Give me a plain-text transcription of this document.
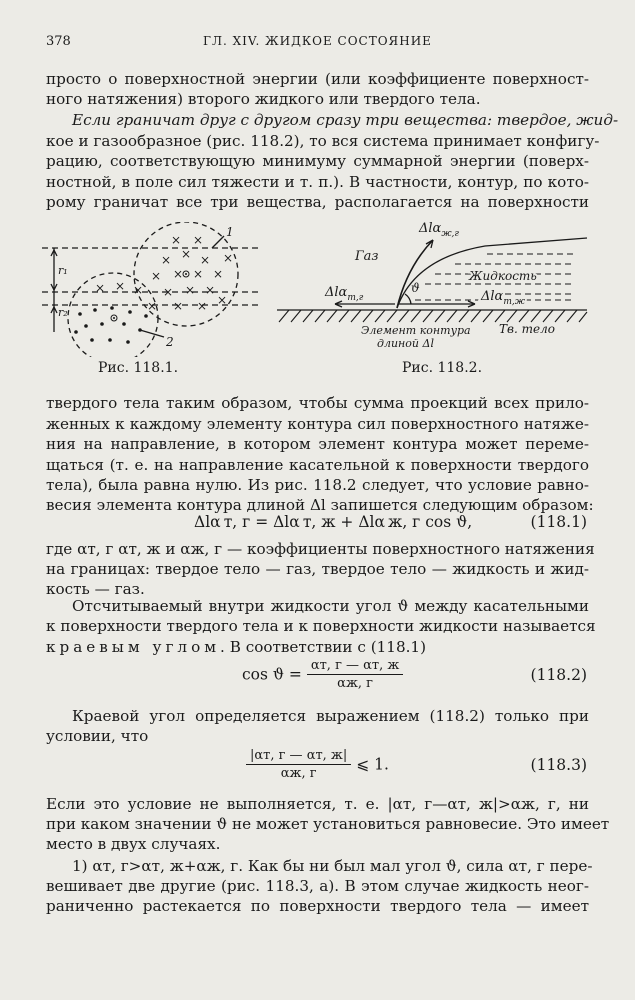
378	ГЛ. XIV. ЖИДКОЕ СОСТОЯНИЕ
просто о поверхностной энергии (или коэффициенте поверхност-
ного натяжения) второго жидкого или твердого тела.
Если граничат друг с другом сразу три вещества: твердое, жид-
кое и газообразное (рис. 118.2), то вся система принимает конфигу-
рацию, соответствующую минимуму суммарной энергии (поверх-
ностной, в поле сил тяжести и т. п.). В частности, контур, по кото-
рому граничат все три вещества, располагается на поверхности
× × ×
× ×
× × × ×
× × ×
×
× × × ×
× × ×
1
2
r₁
r₂
Рис. 118.1.
Δlα$_{ж,г}$
Газ
Жидкость
Δlα$_{т,г}$	Δlα$_{т,ж}$
ϑ
Тв. тело
Элемент контура
длиной Δl
Рис. 118.2.
твердого тела таким образом, чтобы сумма проекций всех прило-
женных к каждому элементу контура сил поверхностного натяже-
ния на направление, в котором элемент контура может переме-
щаться (т. е. на направление касательной к поверхности твердого
тела), была равна нулю. Из рис. 118.2 следует, что условие равно-
весия элемента контура длиной Δl запишется следующим образом:
Δlα т, г = Δlα т, ж + Δlα ж, г cos ϑ,	(118.1)
где αт, г αт, ж и αж, г — коэффициенты поверхностного натяжения
на границах: твердое тело — газ, твердое тело — жидкость и жид-
кость — газ.
Отсчитываемый внутри жидкости угол ϑ между касательными
к поверхности твердого тела и к поверхности жидкости называется
краевым углом. В соответствии с (118.1)
$\cos ϑ = \frac{\alpha т, г — \alpha т, ж}{\alpha ж, г}$	(118.2)
Краевой угол определяется выражением (118.2) только при
условии, что
$\frac{|\alpha т, г — \alpha т, ж|}{\alpha ж, г}$ ⩽ 1.	(118.3)
Если это условие не выполняется, т. е. |αт, г—αт, ж|>αж, г, ни
при каком значении ϑ не может установиться равновесие. Это имеет
место в двух случаях.
1) αт, г>αт, ж+αж, г. Как бы ни был мал угол ϑ, сила αт, г пере-
вешивает две другие (рис. 118.3, а). В этом случае жидкость неог-
раниченно растекается по поверхности твердого тела — имеет
